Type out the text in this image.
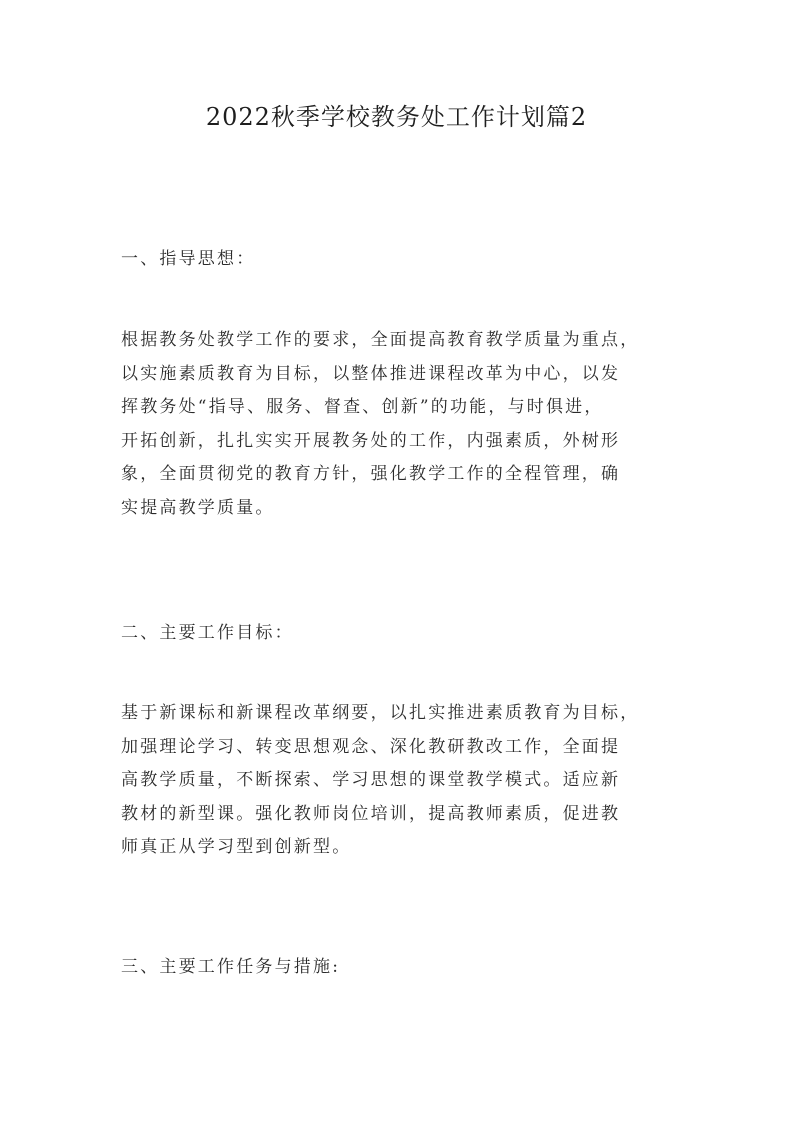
2022秋季学校教务处工作计划篇2
一、指导思想：
根据教务处教学工作的要求，全面提高教育教学质量为重点，
以实施素质教育为目标，以整体推进课程改革为中心，以发
挥教务处“指导、服务、督查、创新”的功能，与时俱进，
开拓创新，扎扎实实开展教务处的工作，内强素质，外树形
象，全面贯彻党的教育方针，强化教学工作的全程管理，确
实提高教学质量。
二、主要工作目标：
基于新课标和新课程改革纲要，以扎实推进素质教育为目标，
加强理论学习、转变思想观念、深化教研教改工作，全面提
高教学质量，不断探索、学习思想的课堂教学模式。适应新
教材的新型课。强化教师岗位培训，提高教师素质，促进教
师真正从学习型到创新型。
三、主要工作任务与措施:
